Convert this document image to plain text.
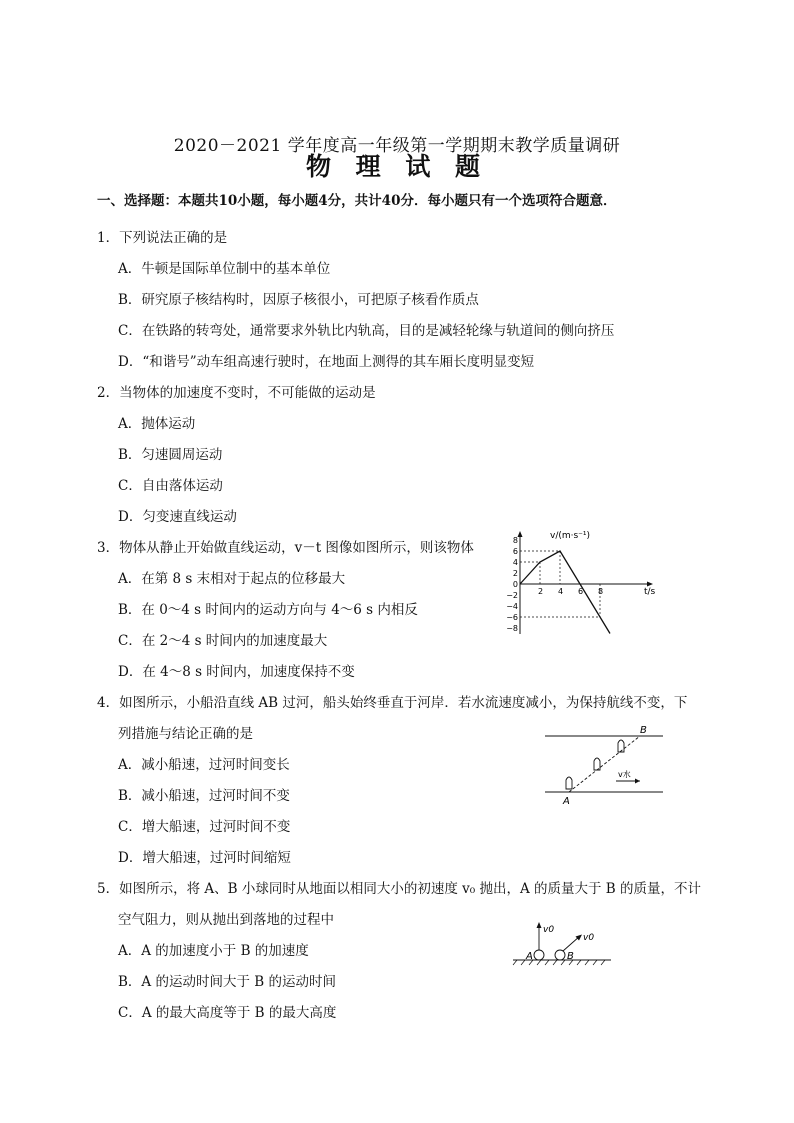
2020－2021 学年度高一年级第一学期期末教学质量调研
物 理 试 题
一、选择题：本题共10小题，每小题4分，共计40分．每小题只有一个选项符合题意．
1．下列说法正确的是
A．牛顿是国际单位制中的基本单位
B．研究原子核结构时，因原子核很小，可把原子核看作质点
C．在铁路的转弯处，通常要求外轨比内轨高，目的是减轻轮缘与轨道间的侧向挤压
D．“和谐号”动车组高速行驶时，在地面上测得的其车厢长度明显变短
2．当物体的加速度不变时，不可能做的运动是
A．抛体运动
B．匀速圆周运动
C．自由落体运动
D．匀变速直线运动
3．物体从静止开始做直线运动，v－t 图像如图所示，则该物体
A．在第 8 s 末相对于起点的位移最大
B．在 0～4 s 时间内的运动方向与 4～6 s 内相反
C．在 2～4 s 时间内的加速度最大
D．在 4～8 s 时间内，加速度保持不变
v/(m·s⁻¹)
t/s
8
6
4
2
0
−2
−4
−6
−8
2 4 6 8
4．如图所示，小船沿直线 AB 过河，船头始终垂直于河岸．若水流速度减小，为保持航线不变，下
列措施与结论正确的是
A．减小船速，过河时间变长
B．减小船速，过河时间不变
C．增大船速，过河时间不变
D．增大船速，过河时间缩短
A
B
v水
5．如图所示，将 A、B 小球同时从地面以相同大小的初速度 v₀ 抛出，A 的质量大于 B 的质量，不计
空气阻力，则从抛出到落地的过程中
A．A 的加速度小于 B 的加速度
B．A 的运动时间大于 B 的运动时间
C．A 的最大高度等于 B 的最大高度
v0
v0
A	B
